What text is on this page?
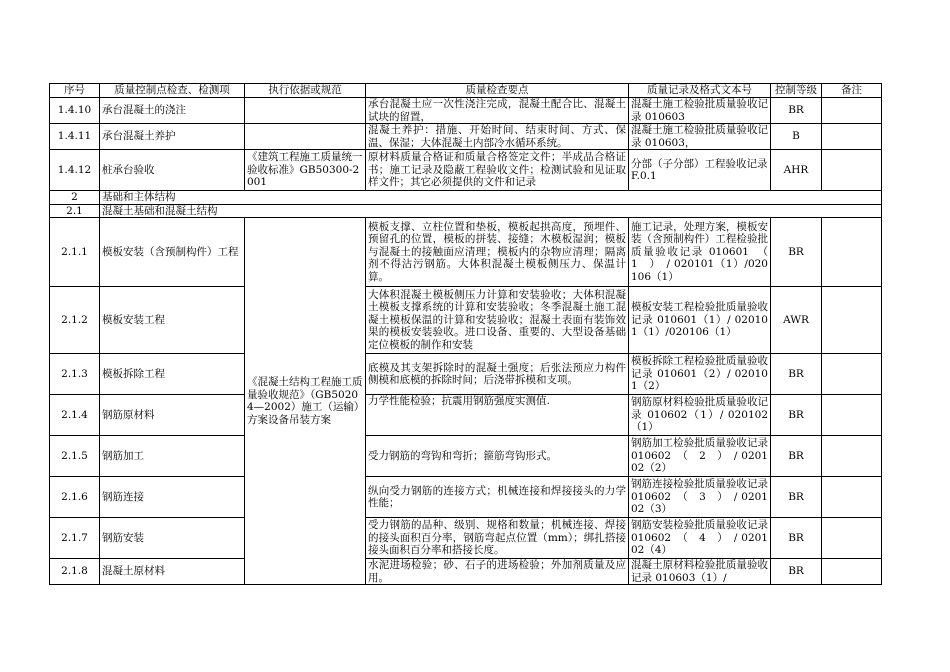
序号	质量控制点检查、检测项	执行依据或规范	质量检查要点	质量记录及格式文本号	控制等级	备注
1.4.10	承台混凝土的浇注		承台混凝土应一次性浇注完成，混凝土配合比、混凝土试块的留置，	混凝土施工检验批质量验收记录 010603	BR	
1.4.11	承台混凝土养护		混凝土养护：措施、开始时间、结束时间、方式、保温、保湿；大体混凝土内部冷水循环系统。	混凝土施工检验批质量验收记录 010603，	B	
1.4.12	桩承台验收	《建筑工程施工质量统一验收标准》GB50300-2001	原材料质量合格证和质量合格签定文件；半成品合格证书；施工记录及隐蔽工程验收文件；检测试验和见证取样文件；其它必须提供的文件和记录	分部（子分部）工程验收记录F.0.1	AHR	
2	基础和主体结构					
2.1	混凝土基础和混凝土结构					
2.1.1	模板安装（含预制构件）工程	《混凝土结构工程施工质量验收规范》（GB50204—2002）施工（运输）方案设备吊装方案	模板支撑、立柱位置和垫板，模板起拱高度，预埋件、预留孔的位置，模板的拼装、接缝；木模板湿润；模板与混凝土的接触面应清理；模板内的杂物应清理；隔离剂不得沾污钢筋。大体积混凝土模板侧压力、保温计算。	施工记录，处理方案，模板安装（含预制构件）工程检验批质量验收记录 010601　（　1　）　/ 020101（1）/020106（1）	BR	
2.1.2	模板安装工程		大体积混凝土模板侧压力计算和安装验收；大体积混凝土模板支撑系统的计算和安装验收；冬季混凝土施工混凝土模板保温的计算和安装验收；混凝土表面有装饰效果的模板安装验收。进口设备、重要的、大型设备基础定位模板的制作和安装	模板安装工程检验批质量验收记录 010601（1）/ 020101（1）/020106（1）	AWR	
2.1.3	模板拆除工程		底模及其支架拆除时的混凝土强度；后张法预应力构件侧模和底模的拆除时间；后浇带拆模和支项。	模板拆除工程检验批质量验收记录 010601（2）/ 020101（2）	BR	
2.1.4	钢筋原材料		力学性能检验；抗震用钢筋强度实测值.	钢筋原材料检验批质量验收记录 010602（1）/ 020102（1）	BR	
2.1.5	钢筋加工		受力钢筋的弯钩和弯折；箍筋弯钩形式。	钢筋加工检验批质量验收记录 010602　（　2　）　/ 020102（2）	BR	
2.1.6	钢筋连接		纵向受力钢筋的连接方式；机械连接和焊接接头的力学性能；	钢筋连接检验批质量验收记录 010602　（　3　）　/ 020102（3）	BR	
2.1.7	钢筋安装		受力钢筋的品种、级别、规格和数量；机械连接、焊接的接头面积百分率，钢筋弯起点位置（mm）；绑扎搭接接头面积百分率和搭接长度。	钢筋安装检验批质量验收记录 010602　（　4　）　/ 020102（4）	BR	
2.1.8	混凝土原材料		水泥进场检验；砂、石子的进场检验；外加剂质量及应用。	混凝土原材料检验批质量验收记录 010603（1）/	BR	
